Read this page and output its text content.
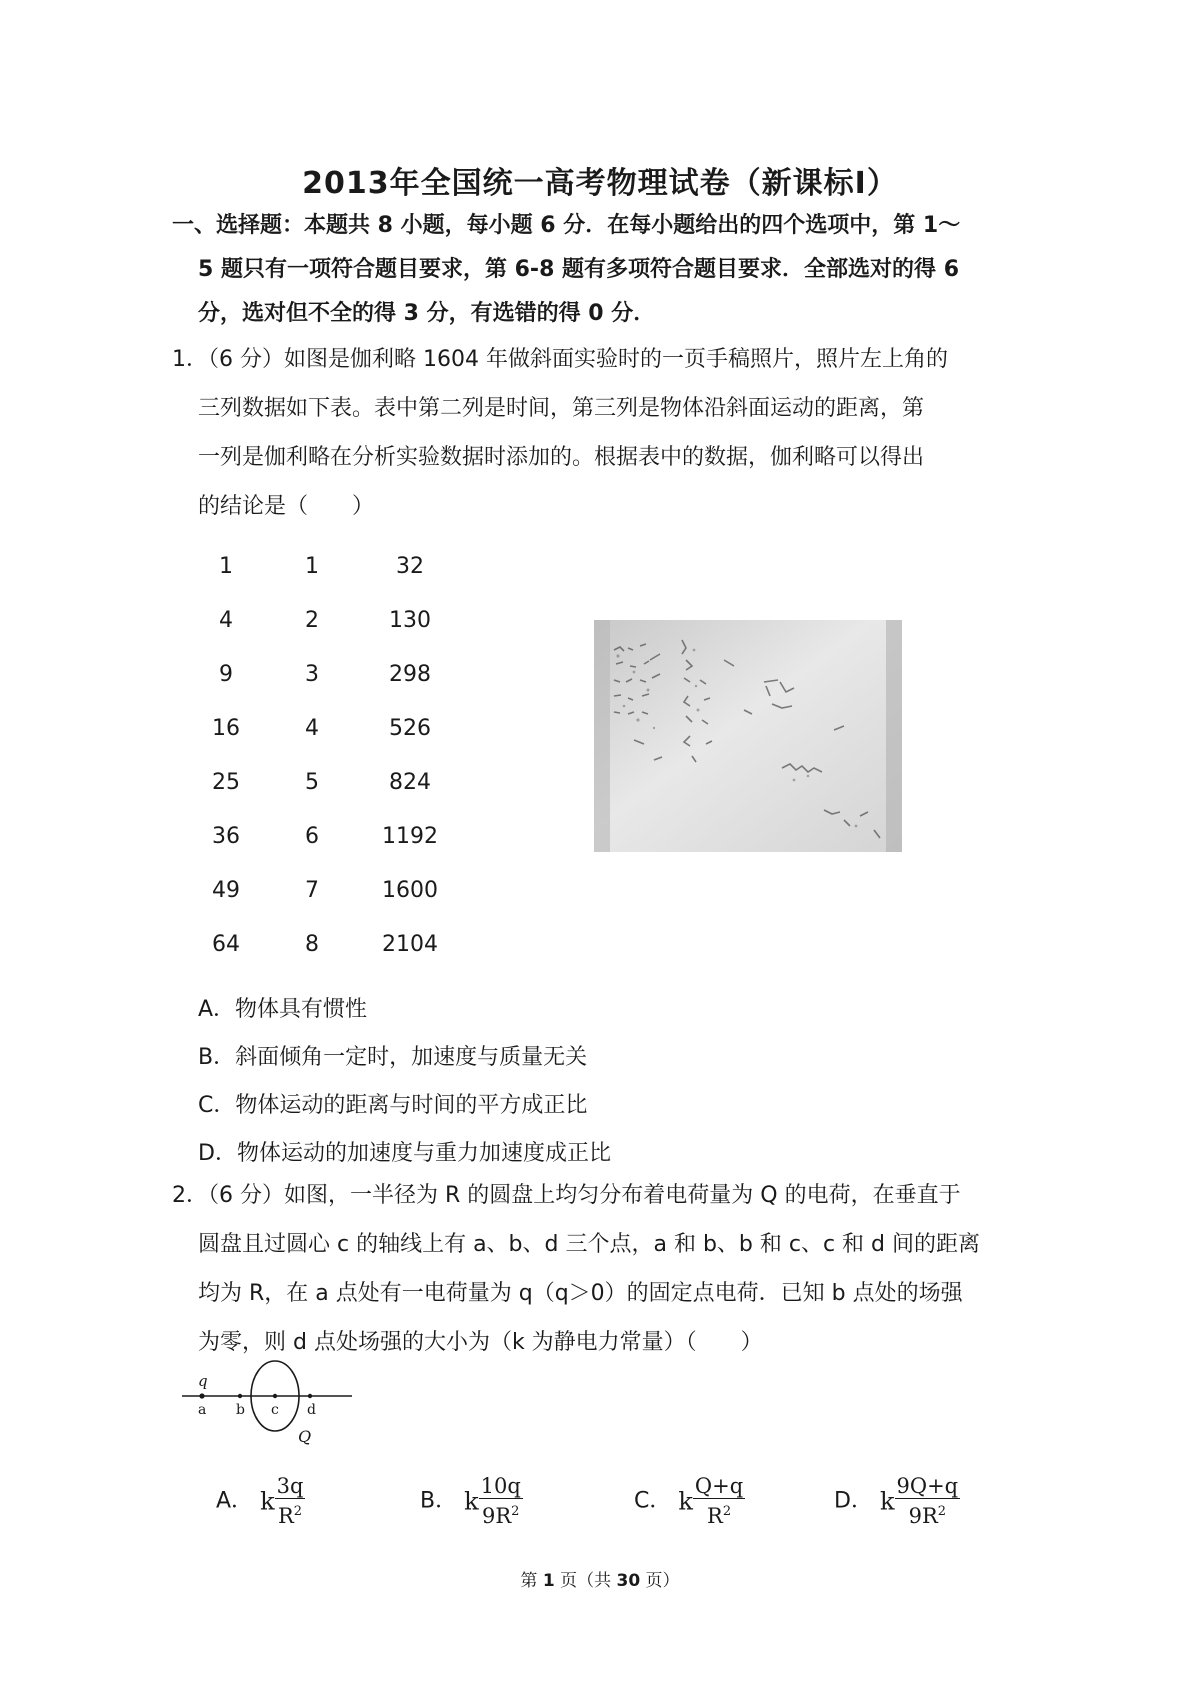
2013年全国统一高考物理试卷（新课标Ⅰ）
一、选择题：本题共 8 小题，每小题 6 分．在每小题给出的四个选项中，第 1～
5 题只有一项符合题目要求，第 6-8 题有多项符合题目要求．全部选对的得 6
分，选对但不全的得 3 分，有选错的得 0 分．
1．（6 分）如图是伽利略 1604 年做斜面实验时的一页手稿照片，照片左上角的
三列数据如下表。表中第二列是时间，第三列是物体沿斜面运动的距离，第
一列是伽利略在分析实验数据时添加的。根据表中的数据，伽利略可以得出
的结论是（　　）
1	1	32
4	2	130
9	3	298
16	4	526
25	5	824
36	6	1192
49	7	1600
64	8	2104
A．物体具有惯性
B．斜面倾角一定时，加速度与质量无关
C．物体运动的距离与时间的平方成正比
D．物体运动的加速度与重力加速度成正比
2．（6 分）如图，一半径为 R 的圆盘上均匀分布着电荷量为 Q 的电荷，在垂直于
圆盘且过圆心 c 的轴线上有 a、b、d 三个点，a 和 b、b 和 c、c 和 d 间的距离
均为 R，在 a 点处有一电荷量为 q（q＞0）的固定点电荷．已知 b 点处的场强
为零，则 d 点处场强的大小为（k 为静电力常量）（　　）
q
a b c d
Q
A． k $\frac{3q}{R^2}$	B． k $\frac{10q}{9R^2}$	C． k $\frac{Q+q}{R^2}$	D． k $\frac{9Q+q}{9R^2}$
第 1 页（共 30 页）
